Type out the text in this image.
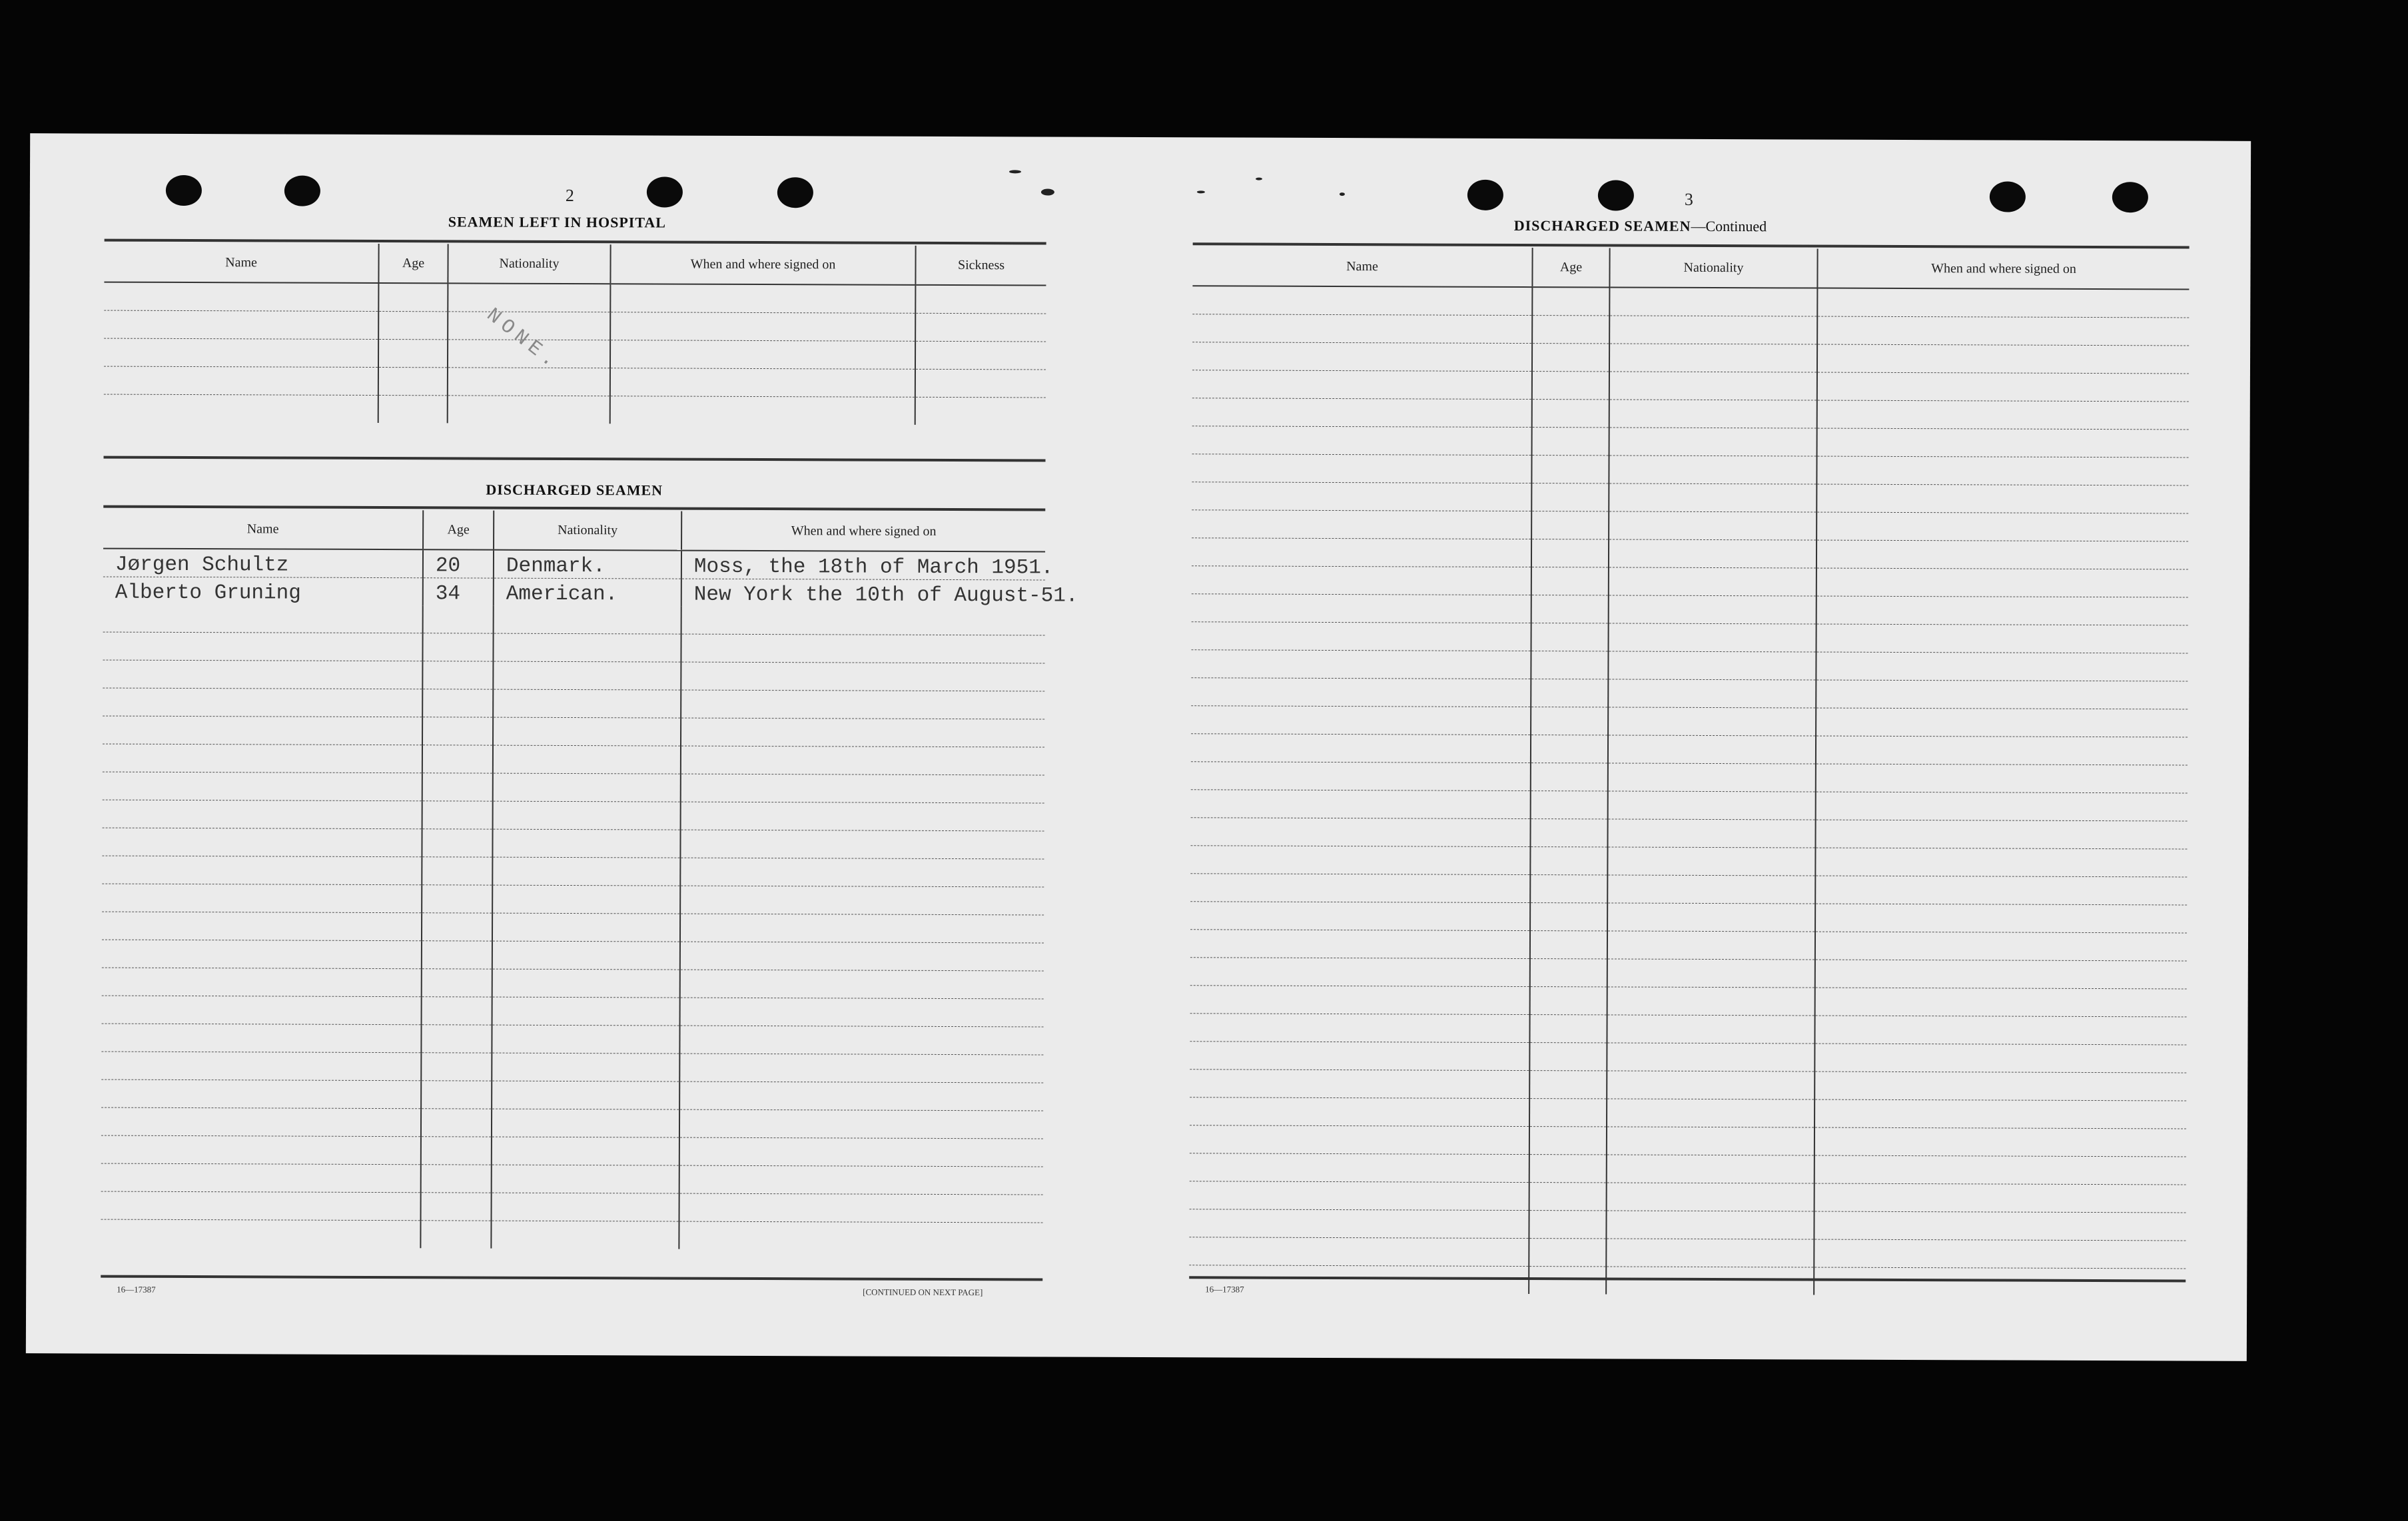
2
SEAMEN LEFT IN HOSPITAL
Name	Age	Nationality	When and where signed on	Sickness

NONE.
DISCHARGED SEAMEN
Name	Age	Nationality	When and where signed on
Jørgen Schultz	20	Denmark.	Moss, the 18th of March 1951.
Alberto Gruning	34	American.	New York the 10th of August-51.

16—17387	[CONTINUED ON NEXT PAGE]
3
DISCHARGED SEAMEN—Continued
Name	Age	Nationality	When and where signed on

16—17387
